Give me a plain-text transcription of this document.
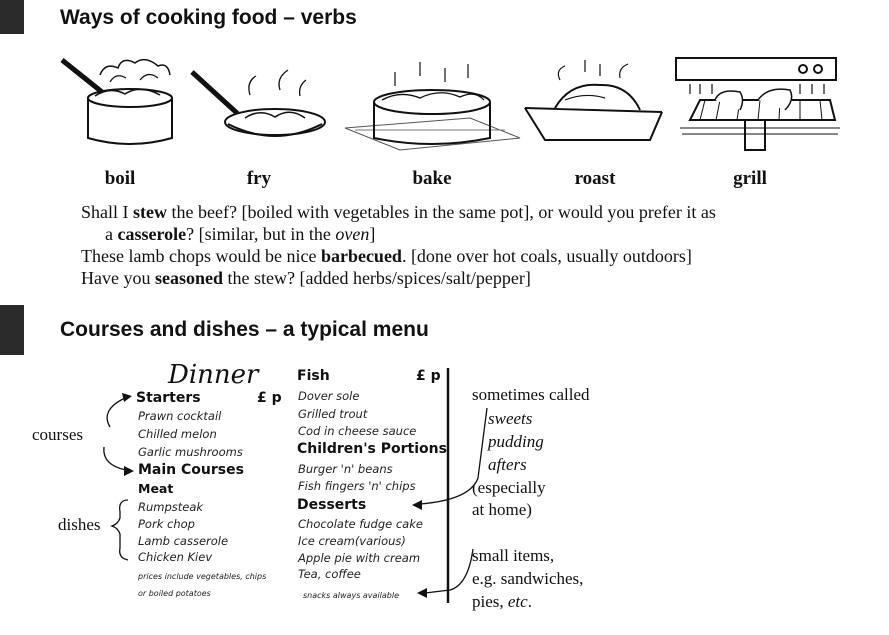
Ways of cooking food – verbs
boil	fry	bake	roast	grill
Shall I stew the beef? [boiled with vegetables in the same pot], or would you prefer it as
a casserole? [similar, but in the oven]
These lamb chops would be nice barbecued. [done over hot coals, usually outdoors]
Have you seasoned the stew? [added herbs/spices/salt/pepper]
Courses and dishes – a typical menu
Dinner
Starters	£ p
Prawn cocktail
Chilled melon
Garlic mushrooms
Main Courses
Meat
Rumpsteak
Pork chop
Lamb casserole
Chicken Kiev
prices include vegetables, chips
or boiled potatoes
Fish	£ p
Dover sole
Grilled trout
Cod in cheese sauce
Children's Portions
Burger 'n' beans
Fish fingers 'n' chips
Desserts
Chocolate fudge cake
Ice cream(various)
Apple pie with cream
Tea, coffee
snacks always available
courses
dishes
sometimes called
sweets
pudding
afters
(especially
at home)
small items,
e.g. sandwiches,
pies, etc.
